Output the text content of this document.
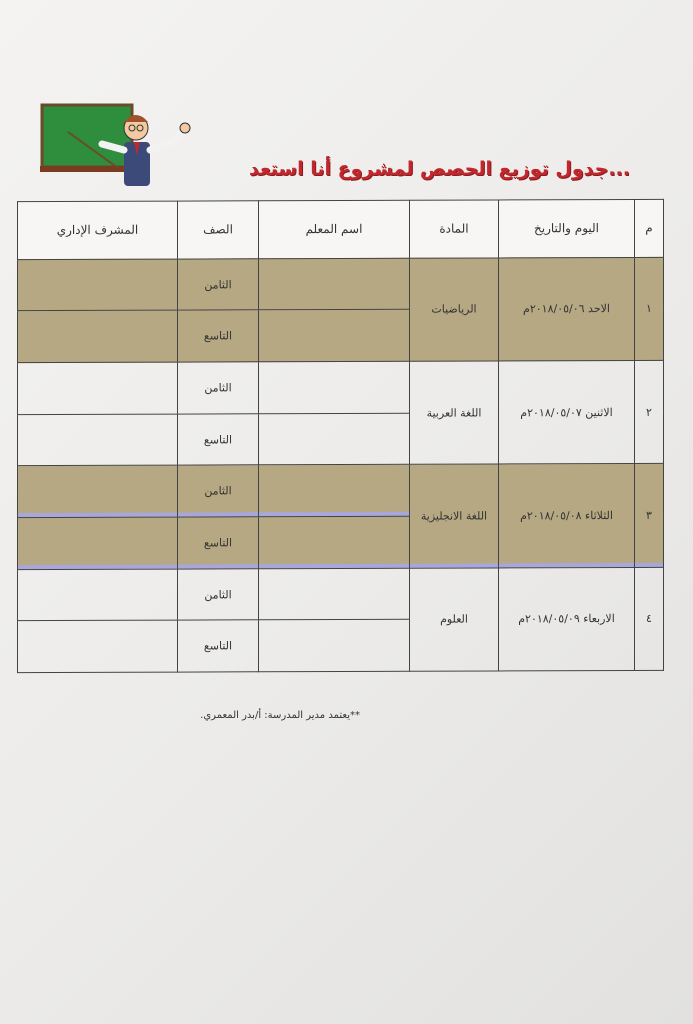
...جدول توزيع الحصص لمشروع أنا استعد
م	اليوم والتاريخ	المادة	اسم المعلم	الصف	المشرف الإداري
١	الاحد ٢٠١٨/٠٥/٠٦م	الرياضيات		الثامن	
				التاسع	
٢	الاثنين ٢٠١٨/٠٥/٠٧م	اللغة العربية		الثامن	
				التاسع	
٣	الثلاثاء ٢٠١٨/٠٥/٠٨م	اللغة الانجليزية		الثامن	
				التاسع	
٤	الاربعاء ٢٠١٨/٠٥/٠٩م	العلوم		الثامن	
				التاسع	
**يعتمد مدير المدرسة: أ/بدر المعمري.
